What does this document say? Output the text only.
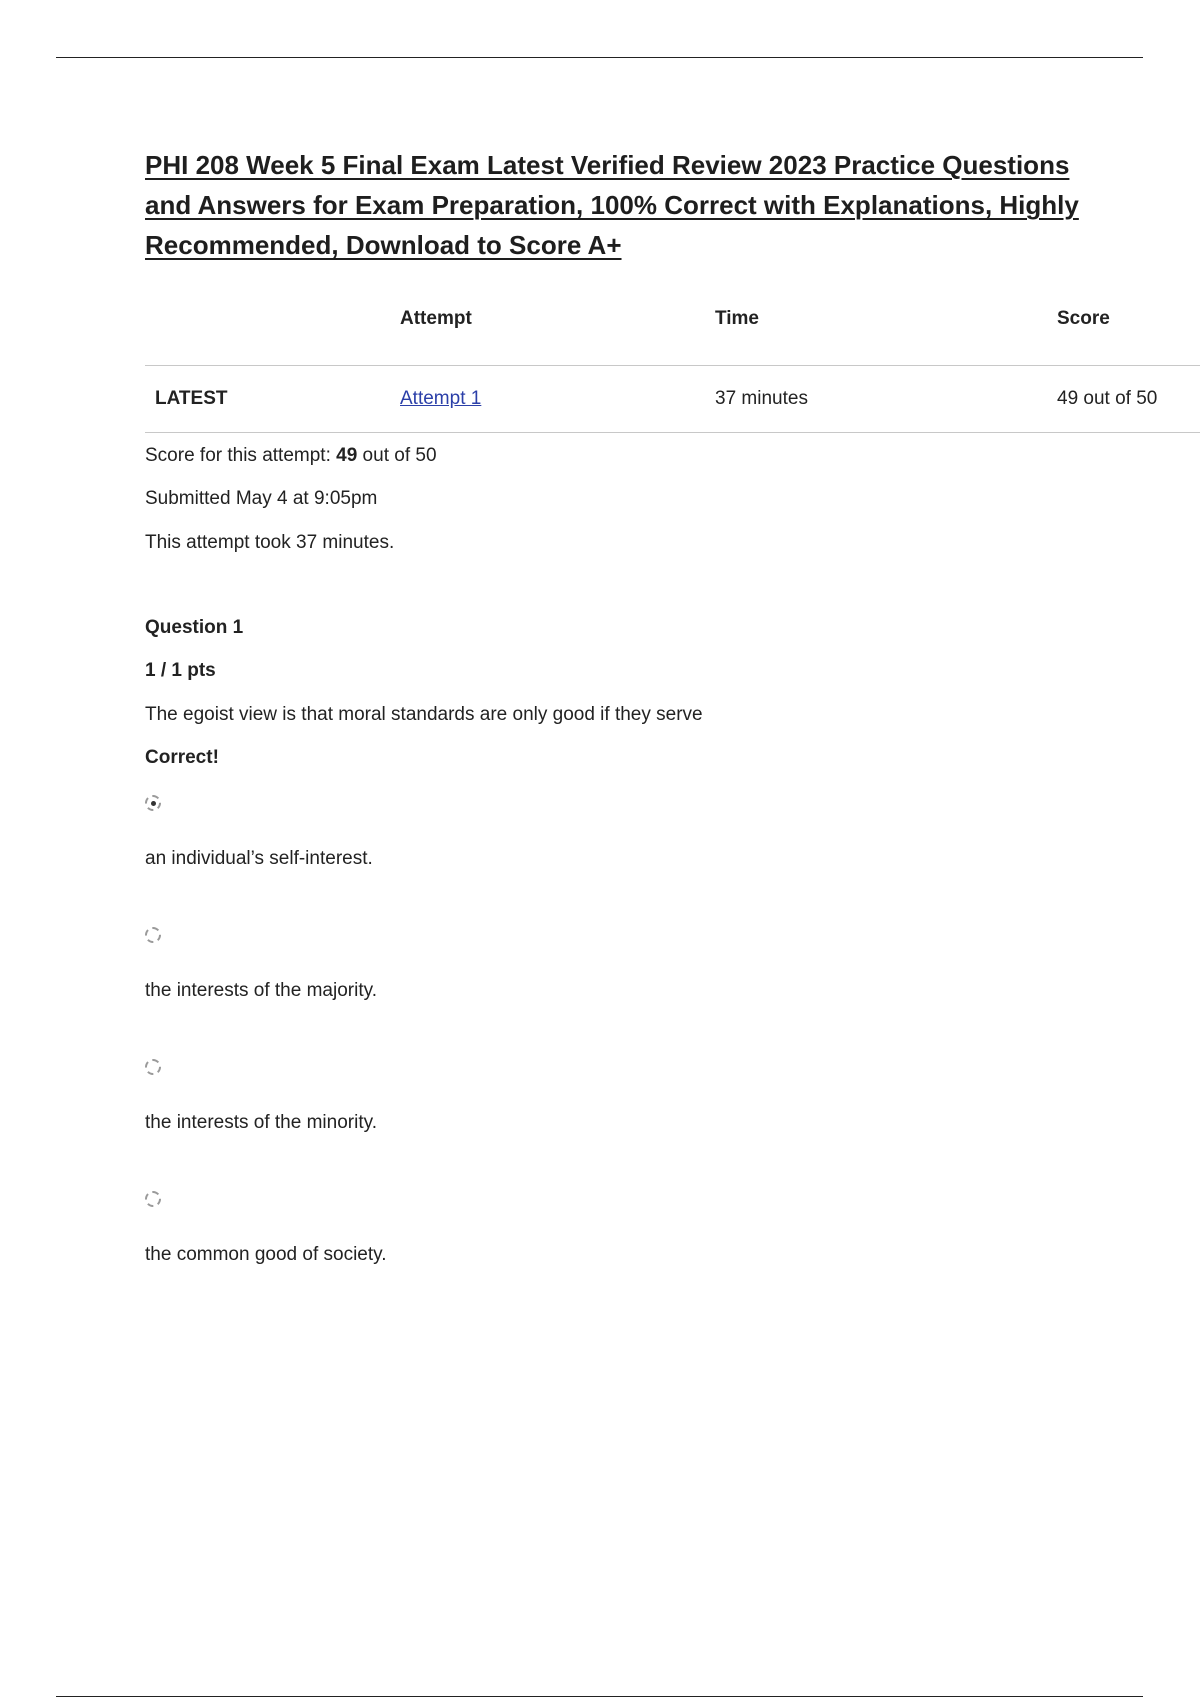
PHI 208 Week 5 Final Exam Latest Verified Review 2023 Practice Questions and Answers for Exam Preparation, 100% Correct with Explanations, Highly Recommended, Download to Score A+
	Attempt	Time	Score
LATEST	Attempt 1	37 minutes	49 out of 50

Score for this attempt: 49 out of 50

Submitted May 4 at 9:05pm

This attempt took 37 minutes.

Question 1

1 / 1 pts

The egoist view is that moral standards are only good if they serve

Correct!

an individual’s self-interest.
the interests of the majority.
the interests of the minority.
the common good of society.
